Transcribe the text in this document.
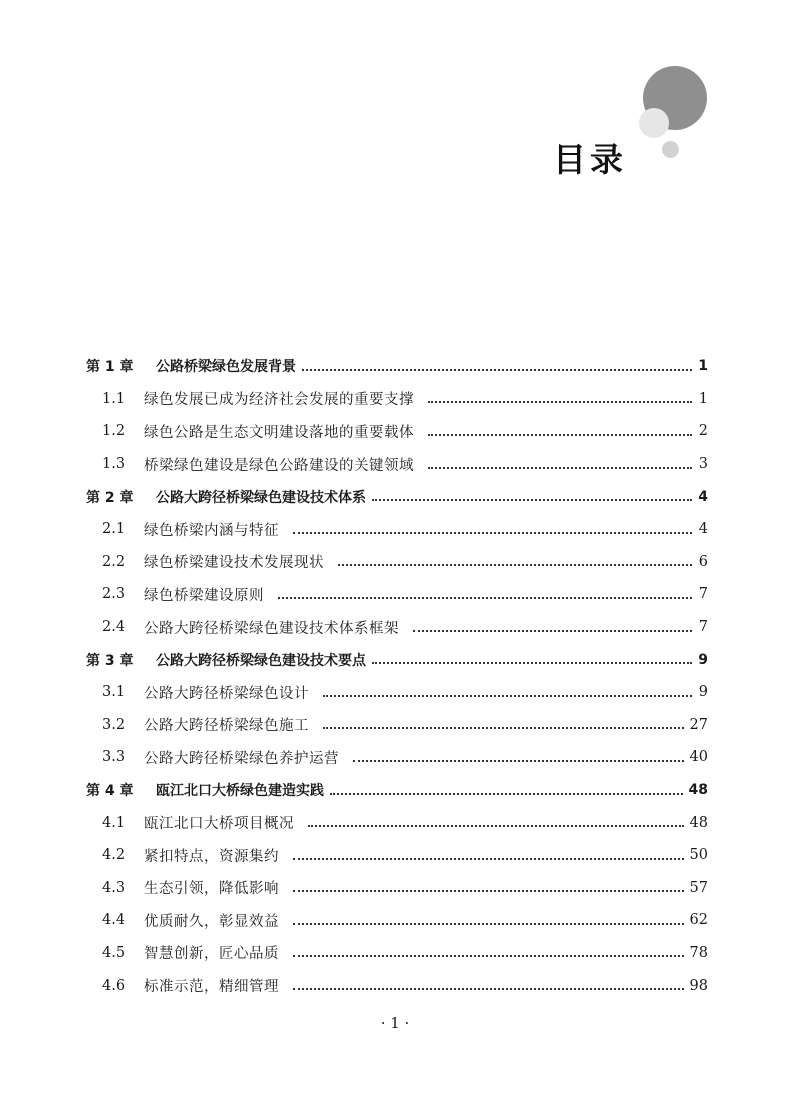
目录
第 1 章	公路桥梁绿色发展背景	1
1.1	绿色发展已成为经济社会发展的重要支撑	1
1.2	绿色公路是生态文明建设落地的重要载体	2
1.3	桥梁绿色建设是绿色公路建设的关键领域	3
第 2 章	公路大跨径桥梁绿色建设技术体系	4
2.1	绿色桥梁内涵与特征	4
2.2	绿色桥梁建设技术发展现状	6
2.3	绿色桥梁建设原则	7
2.4	公路大跨径桥梁绿色建设技术体系框架	7
第 3 章	公路大跨径桥梁绿色建设技术要点	9
3.1	公路大跨径桥梁绿色设计	9
3.2	公路大跨径桥梁绿色施工	27
3.3	公路大跨径桥梁绿色养护运营	40
第 4 章	瓯江北口大桥绿色建造实践	48
4.1	瓯江北口大桥项目概况	48
4.2	紧扣特点，资源集约	50
4.3	生态引领，降低影响	57
4.4	优质耐久，彰显效益	62
4.5	智慧创新，匠心品质	78
4.6	标准示范，精细管理	98
· 1 ·
